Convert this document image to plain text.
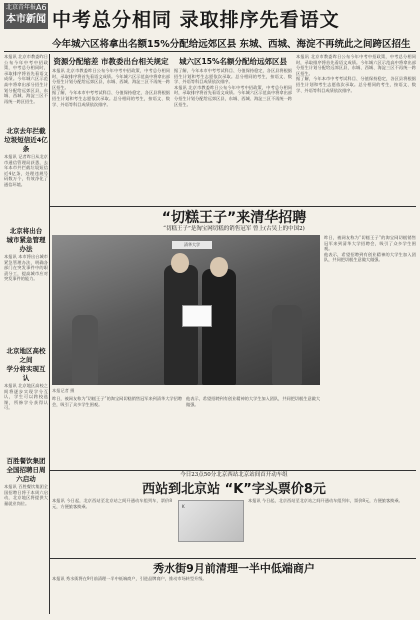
北京青年报
本市新闻
A6
中考总分相同 录取排序先看语文
今年城六区将拿出名额15%分配给远郊区县 东城、西城、海淀不再统此之间跨区招生
资源分配缩差 市教委出台相关规定

本报讯 北京市教委昨日公布今年中考中招政策，中考总分相同时，录取排序将首先看语文成绩。今年城六区示范高中将拿出部分招生计划分配给远郊区县，东城、西城、海淀三区不再统一跨区招生。

据了解，今年本市中考考试科目、分值保持稳定，各区县将根据招生计划和考生志愿依次录取。总分相同的考生，按语文、数学、外语等科目成绩依次排序。

城六区15%名额分配给远郊区县

据了解，今年本市中考考试科目、分值保持稳定，各区县将根据招生计划和考生志愿依次录取。总分相同的考生，按语文、数学、外语等科目成绩依次排序。

本报讯 北京市教委昨日公布今年中考中招政策，中考总分相同时，录取排序将首先看语文成绩。今年城六区示范高中将拿出部分招生计划分配给远郊区县，东城、西城、海淀三区不再统一跨区招生。

本报讯 北京市教委昨日公布今年中考中招政策，中考总分相同时，录取排序将首先看语文成绩。今年城六区示范高中将拿出部分招生计划分配给远郊区县，东城、西城、海淀三区不再统一跨区招生。

据了解，今年本市中考考试科目、分值保持稳定，各区县将根据招生计划和考生志愿依次录取。总分相同的考生，按语文、数学、外语等科目成绩依次排序。

本报讯 北京市教委昨日公布今年中考中招政策，中考总分相同时，录取排序将首先看语文成绩。今年城六区示范高中将拿出部分招生计划分配给远郊区县，东城、西城、海淀三区不再统一跨区招生。

北京去年拦截
垃圾短信近4亿条

本报讯 记者昨日从北京市通信管理局获悉，去年本市共拦截垃圾短信近4亿条，处理违规号码数万个，有效净化了通信环境。

北京将出台
城市紧急管理办法

本报讯 本市将出台城市紧急管理办法，明确各部门在突发事件中的职责分工，提高城市应对突发事件的能力。

北京地区高校之间
学分将实现互认

本报讯 北京地区高校之间将逐步实现学分互认，学生可以跨校选课，所修学分获得认可。

百胜餐饮集团
全国招聘日周六启动

本报讯 百胜餐饮集团全国招聘日将于本周六启动，北京地区将提供大量就业岗位。

“切糕王子”来清华招聘

“切糕王子”是淘宝网切糕的销售冠军 曾上(古吴上的中国2)

清华大学

昨日，被网友称为“切糕王子”的淘宝网切糕销售冠军来到清华大学招聘会，吸引了众多学生围观。

他表示，希望招聘到有创业精神的大学生加入团队，共同把切糕生意做大做强。

本报记者 摄

昨日，被网友称为“切糕王子”的淘宝网切糕销售冠军来到清华大学招聘会，吸引了众多学生围观。

他表示，希望招聘到有创业精神的大学生加入团队，共同把切糕生意做大做强。

今日23点50分北京西站北京站间首开动车组

西站到北京站 “K”字头票价8元

本报讯 今日起，北京西站至北京站之间开通动车组列车，票价8元，方便旅客换乘。	K

本报讯 今日起，北京西站至北京站之间开通动车组列车，票价8元，方便旅客换乘。

秀水街9月前清理一半中低端商户

本报讯 秀水街将在9月前清理一半中低端商户，引进品牌商户，推动市场转型升级。
